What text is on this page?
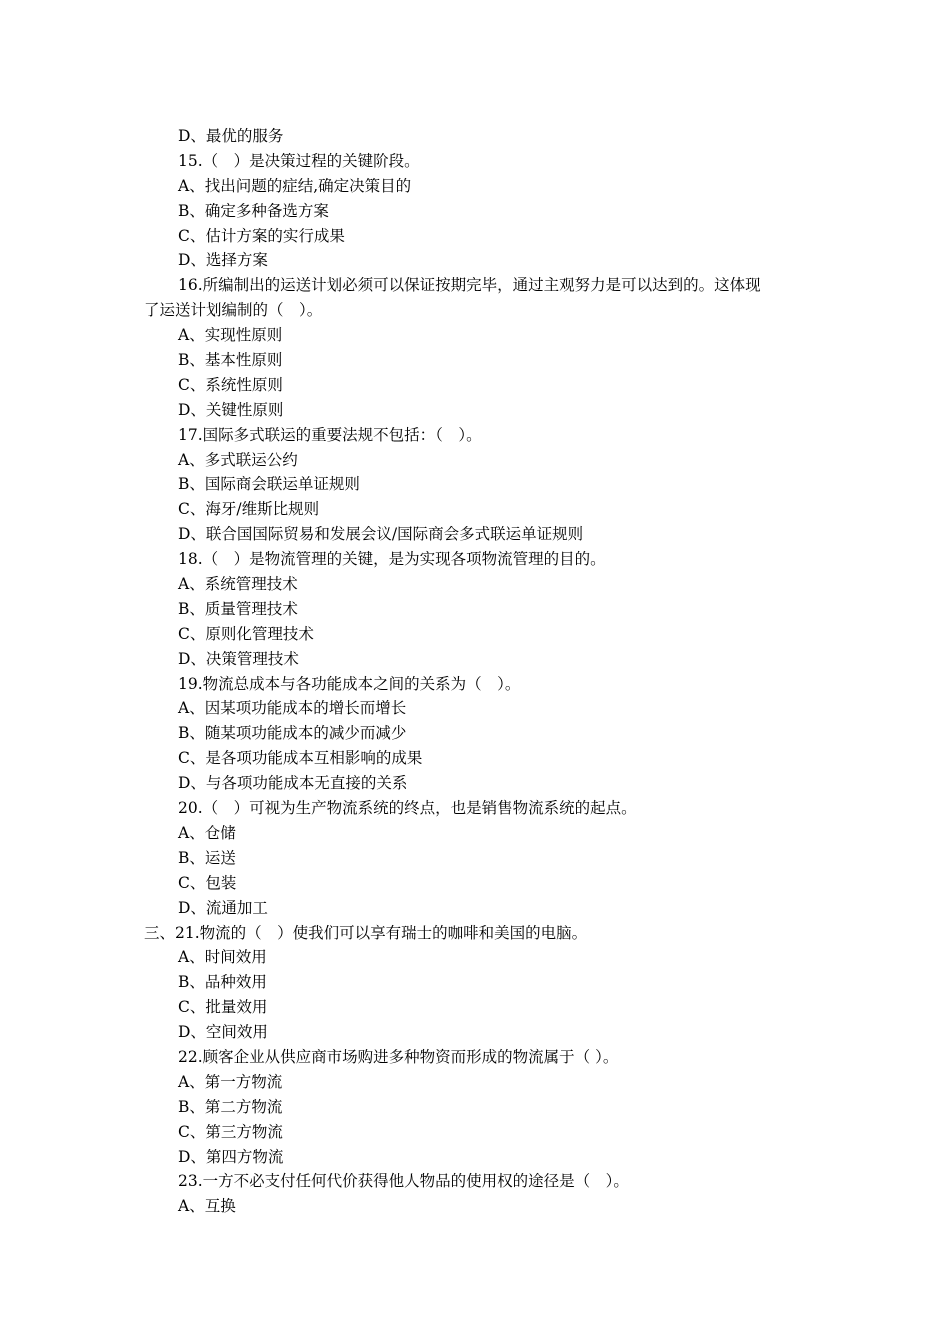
D、最优的服务
15.（　）是决策过程的关键阶段。
A、找出问题的症结,确定决策目的
B、确定多种备选方案
C、估计方案的实行成果
D、选择方案
16.所编制出的运送计划必须可以保证按期完毕，通过主观努力是可以达到的。这体现
了运送计划编制的（　）。
A、实现性原则
B、基本性原则
C、系统性原则
D、关键性原则
17.国际多式联运的重要法规不包括：（　）。
A、多式联运公约
B、国际商会联运单证规则
C、海牙/维斯比规则
D、联合国国际贸易和发展会议/国际商会多式联运单证规则
18.（　）是物流管理的关键，是为实现各项物流管理的目的。
A、系统管理技术
B、质量管理技术
C、原则化管理技术
D、决策管理技术
19.物流总成本与各功能成本之间的关系为（　）。
A、因某项功能成本的增长而增长
B、随某项功能成本的减少而减少
C、是各项功能成本互相影响的成果
D、与各项功能成本无直接的关系
20.（　）可视为生产物流系统的终点，也是销售物流系统的起点。
A、仓储
B、运送
C、包装
D、流通加工
三、21.物流的（　）使我们可以享有瑞士的咖啡和美国的电脑。
A、时间效用
B、品种效用
C、批量效用
D、空间效用
22.顾客企业从供应商市场购进多种物资而形成的物流属于（ ）。
A、第一方物流
B、第二方物流
C、第三方物流
D、第四方物流
23.一方不必支付任何代价获得他人物品的使用权的途径是（　）。
A、互换
